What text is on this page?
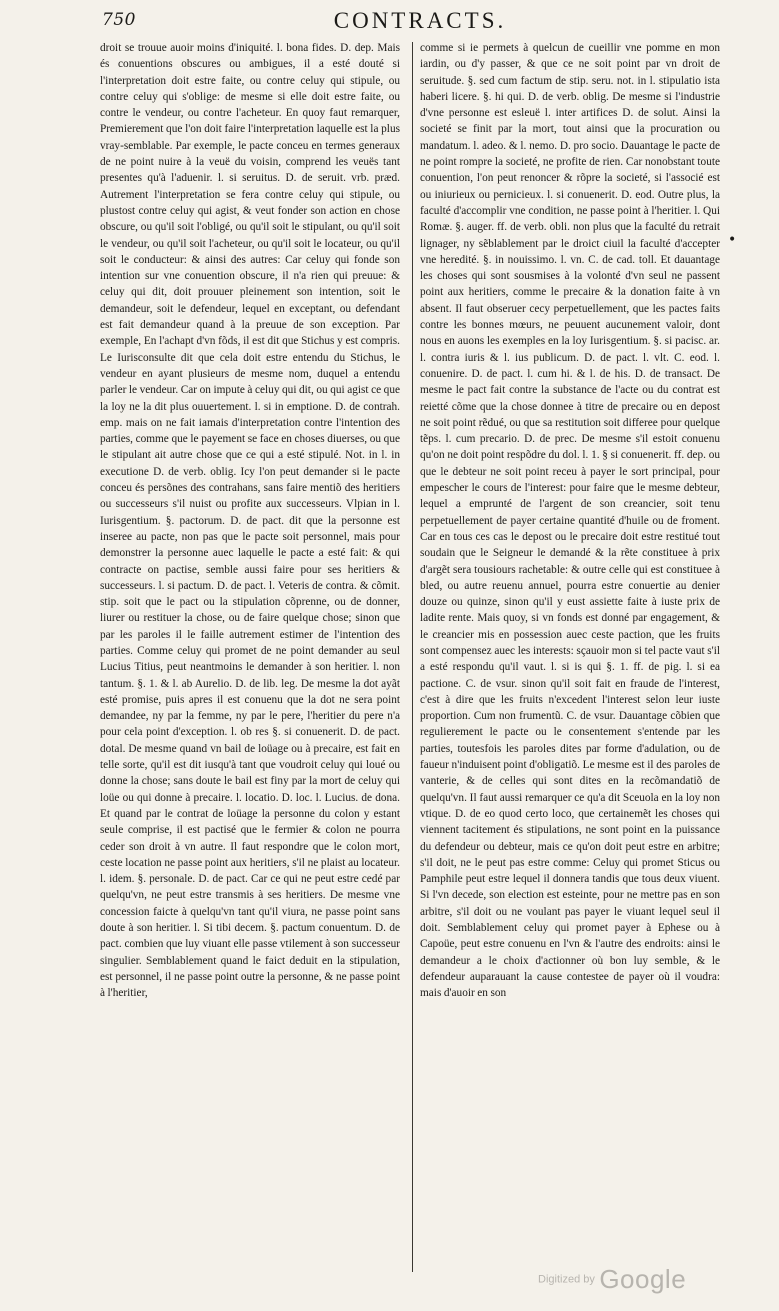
750	CONTRACTS.

droit se trouue auoir moins d'iniquité. l. bona fides. D. dep. Mais és conuentions obscures ou ambigues, il a esté douté si l'interpretation doit estre faite, ou contre celuy qui stipule, ou contre celuy qui s'oblige: de mesme si elle doit estre faite, ou contre le vendeur, ou contre l'acheteur. En quoy faut remarquer, Premierement que l'on doit faire l'interpretation laquelle est la plus vray-semblable. Par exemple, le pacte conceu en termes generaux de ne point nuire à la veuë du voisin, comprend les veuës tant presentes qu'à l'aduenir. l. si seruitus. D. de seruit. vrb. præd. Autrement l'interpretation se fera contre celuy qui stipule, ou plustost contre celuy qui agist, & veut fonder son action en chose obscure, ou qu'il soit l'obligé, ou qu'il soit le stipulant, ou qu'il soit le vendeur, ou qu'il soit l'acheteur, ou qu'il soit le locateur, ou qu'il soit le conducteur: & ainsi des autres: Car celuy qui fonde son intention sur vne conuention obscure, il n'a rien qui preuue: & celuy qui dit, doit prouuer pleinement son intention, soit le demandeur, soit le defendeur, lequel en exceptant, ou defendant est fait demandeur quand à la preuue de son exception. Par exemple, En l'achapt d'vn fõds, il est dit que Stichus y est compris. Le Iurisconsulte dit que cela doit estre entendu du Stichus, le vendeur en ayant plusieurs de mesme nom, duquel a entendu parler le vendeur. Car on impute à celuy qui dit, ou qui agist ce que la loy ne la dit plus ouuertement. l. si in emptione. D. de contrah. emp. mais on ne fait iamais d'interpretation contre l'intention des parties, comme que le payement se face en choses diuerses, ou que le stipulant ait autre chose que ce qui a esté stipulé. Not. in l. in executione D. de verb. oblig. Icy l'on peut demander si le pacte conceu és persõnes des contrahans, sans faire mentiõ des heritiers ou successeurs s'il nuist ou profite aux successeurs. Vlpian in l. Iurisgentium. §. pactorum. D. de pact. dit que la personne est inseree au pacte, non pas que le pacte soit personnel, mais pour demonstrer la personne auec laquelle le pacte a esté fait: & qui contracte on pactise, semble aussi faire pour ses heritiers & successeurs. l. si pactum. D. de pact. l. Veteris de contra. & cõmit. stip. soit que le pact ou la stipulation cõprenne, ou de donner, liurer ou restituer la chose, ou de faire quelque chose; sinon que par les paroles il le faille autrement estimer de l'intention des parties. Comme celuy qui promet de ne point demander au seul Lucius Titius, peut neantmoins le demander à son heritier. l. non tantum. §. 1. & l. ab Aurelio. D. de lib. leg. De mesme la dot ayãt esté promise, puis apres il est conuenu que la dot ne sera point demandee, ny par la femme, ny par le pere, l'heritier du pere n'a pour cela point d'exception. l. ob res §. si conuenerit. D. de pact. dotal. De mesme quand vn bail de loüage ou à precaire, est fait en telle sorte, qu'il est dit iusqu'à tant que voudroit celuy qui loué ou donne la chose; sans doute le bail est finy par la mort de celuy qui loüe ou qui donne à precaire. l. locatio. D. loc. l. Lucius. de dona. Et quand par le contrat de loüage la personne du colon y estant seule comprise, il est pactisé que le fermier & colon ne pourra ceder son droit à vn autre. Il faut respondre que le colon mort, ceste location ne passe point aux heritiers, s'il ne plaist au locateur. l. idem. §. personale. D. de pact. Car ce qui ne peut estre cedé par quelqu'vn, ne peut estre transmis à ses heritiers. De mesme vne concession faicte à quelqu'vn tant qu'il viura, ne passe point sans doute à son heritier. l. Si tibi decem. §. pactum conuentum. D. de pact. combien que luy viuant elle passe vtilement à son successeur singulier. Semblablement quand le faict deduit en la stipulation, est personnel, il ne passe point outre la personne, & ne passe point à l'heritier,

•

comme si ie permets à quelcun de cueillir vne pomme en mon iardin, ou d'y passer, & que ce ne soit point par vn droit de seruitude. §. sed cum factum de stip. seru. not. in l. stipulatio ista haberi licere. §. hi qui. D. de verb. oblig. De mesme si l'industrie d'vne personne est esleuë l. inter artifices D. de solut. Ainsi la societé se finit par la mort, tout ainsi que la procuration ou mandatum. l. adeo. & l. nemo. D. pro socio. Dauantage le pacte de ne point rompre la societé, ne profite de rien. Car nonobstant toute conuention, l'on peut renoncer & rõpre la societé, si l'associé est ou iniurieux ou pernicieux. l. si conuenerit. D. eod. Outre plus, la faculté d'accomplir vne condition, ne passe point à l'heritier. l. Qui Romæ. §. auger. ff. de verb. obli. non plus que la faculté du retrait lignager, ny sẽblablement par le droict ciuil la faculté d'accepter vne heredité. §. in nouissimo. l. vn. C. de cad. toll. Et dauantage les choses qui sont sousmises à la volonté d'vn seul ne passent point aux heritiers, comme le precaire & la donation faite à vn absent. Il faut obseruer cecy perpetuellement, que les pactes faits contre les bonnes mœurs, ne peuuent aucunement valoir, dont nous en auons les exemples en la loy Iurisgentium. §. si pacisc. ar. l. contra iuris & l. ius publicum. D. de pact. l. vlt. C. eod. l. conuenire. D. de pact. l. cum hi. & l. de his. D. de transact. De mesme le pact fait contre la substance de l'acte ou du contrat est reietté cõme que la chose donnee à titre de precaire ou en depost ne soit point rẽdué, ou que sa restitution soit differee pour quelque tẽps. l. cum precario. D. de prec. De mesme s'il estoit conuenu qu'on ne doit point respõdre du dol. l. 1. § si conuenerit. ff. dep. ou que le debteur ne soit point receu à payer le sort principal, pour empescher le cours de l'interest: pour faire que le mesme debteur, lequel a emprunté de l'argent de son creancier, soit tenu perpetuellement de payer certaine quantité d'huile ou de froment. Car en tous ces cas le depost ou le precaire doit estre restitué tout soudain que le Seigneur le demandé & la rẽte constituee à prix d'argẽt sera tousiours rachetable: & outre celle qui est constituee à bled, ou autre reuenu annuel, pourra estre conuertie au denier douze ou quinze, sinon qu'il y eust assiette faite à iuste prix de ladite rente. Mais quoy, si vn fonds est donné par engagement, & le creancier mis en possession auec ceste paction, que les fruits sont compensez auec les interests: sçauoir mon si tel pacte vaut s'il a esté respondu qu'il vaut. l. si is qui §. 1. ff. de pig. l. si ea pactione. C. de vsur. sinon qu'il soit fait en fraude de l'interest, c'est à dire que les fruits n'excedent l'interest selon leur iuste proportion. Cum non frumentũ. C. de vsur. Dauantage cõbien que regulierement le pacte ou le consentement s'entende par les parties, toutesfois les paroles dites par forme d'adulation, ou de faueur n'induisent point d'obligatiõ. Le mesme est il des paroles de vanterie, & de celles qui sont dites en la recõmandatiõ de quelqu'vn. Il faut aussi remarquer ce qu'a dit Sceuola en la loy non vtique. D. de eo quod certo loco, que certainemẽt les choses qui viennent tacitement és stipulations, ne sont point en la puissance du defendeur ou debteur, mais ce qu'on doit peut estre en arbitre; s'il doit, ne le peut pas estre comme: Celuy qui promet Sticus ou Pamphile peut estre lequel il donnera tandis que tous deux viuent. Si l'vn decede, son election est esteinte, pour ne mettre pas en son arbitre, s'il doit ou ne voulant pas payer le viuant lequel seul il doit. Semblablement celuy qui promet payer à Ephese ou à Capoüe, peut estre conuenu en l'vn & l'autre des endroits: ainsi le demandeur a le choix d'actionner où bon luy semble, & le defendeur auparauant la cause contestee de payer où il voudra: mais d'auoir en son

Digitized by Google
